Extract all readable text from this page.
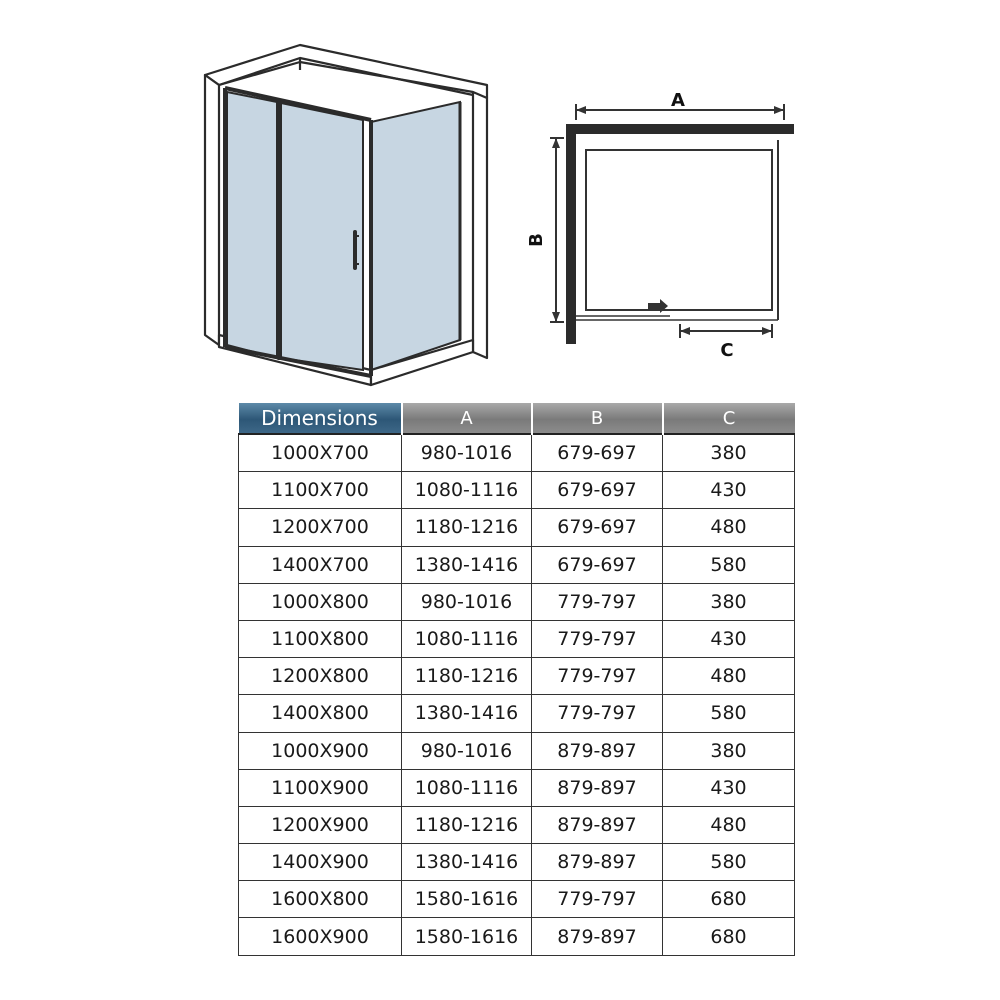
A
B
C
Dimensions	A	B	C
1000X700	980-1016	679-697	380
1100X700	1080-1116	679-697	430
1200X700	1180-1216	679-697	480
1400X700	1380-1416	679-697	580
1000X800	980-1016	779-797	380
1100X800	1080-1116	779-797	430
1200X800	1180-1216	779-797	480
1400X800	1380-1416	779-797	580
1000X900	980-1016	879-897	380
1100X900	1080-1116	879-897	430
1200X900	1180-1216	879-897	480
1400X900	1380-1416	879-897	580
1600X800	1580-1616	779-797	680
1600X900	1580-1616	879-897	680
